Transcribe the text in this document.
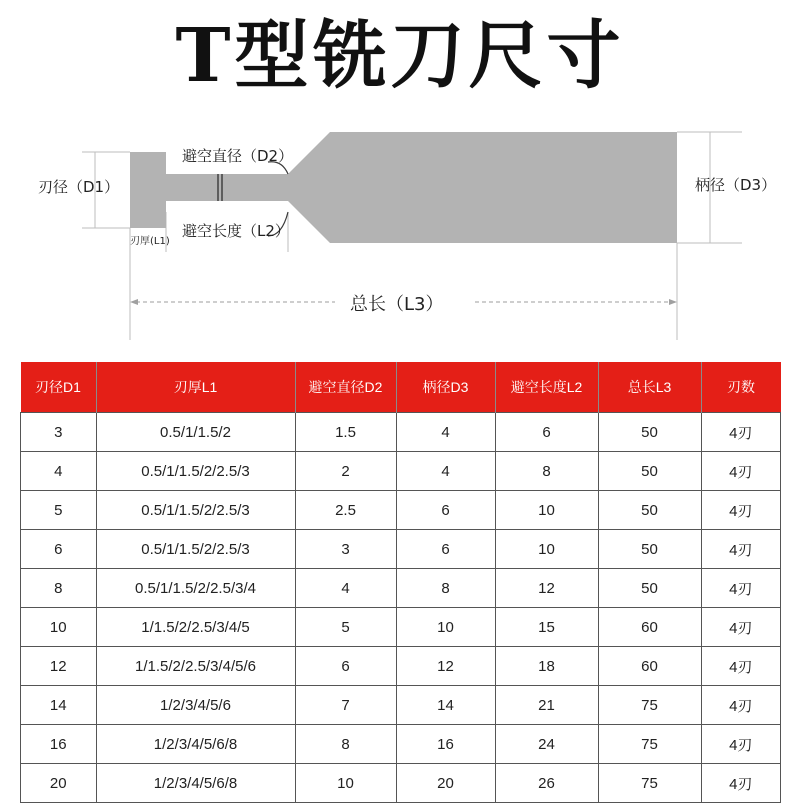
T型铣刀尺寸
刃径（D1）
刃厚(L1)
避空直径（D2）
避空长度（L2）
柄径（D3）
总长（L3）
刃径D1	刃厚L1	避空直径D2	柄径D3	避空长度L2	总长L3	刃数
3	0.5/1/1.5/2	1.5	4	6	50	4刃
4	0.5/1/1.5/2/2.5/3	2	4	8	50	4刃
5	0.5/1/1.5/2/2.5/3	2.5	6	10	50	4刃
6	0.5/1/1.5/2/2.5/3	3	6	10	50	4刃
8	0.5/1/1.5/2/2.5/3/4	4	8	12	50	4刃
10	1/1.5/2/2.5/3/4/5	5	10	15	60	4刃
12	1/1.5/2/2.5/3/4/5/6	6	12	18	60	4刃
14	1/2/3/4/5/6	7	14	21	75	4刃
16	1/2/3/4/5/6/8	8	16	24	75	4刃
20	1/2/3/4/5/6/8	10	20	26	75	4刃
